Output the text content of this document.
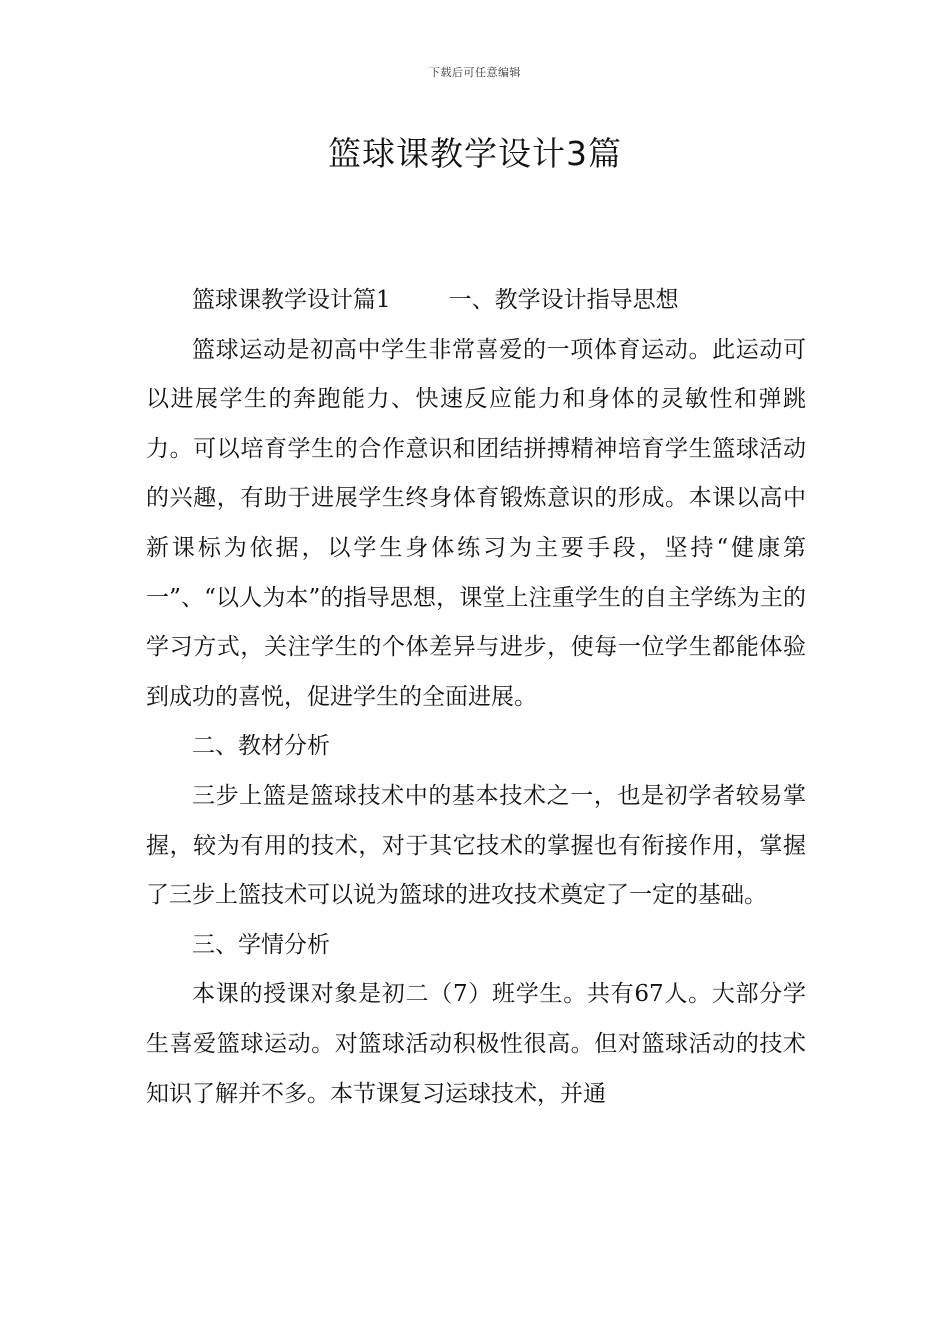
下载后可任意编辑
篮球课教学设计3篇

篮球课教学设计篇1	一、教学设计指导思想

篮球运动是初高中学生非常喜爱的一项体育运动。此运动可以进展学生的奔跑能力、快速反应能力和身体的灵敏性和弹跳力。可以培育学生的合作意识和团结拼搏精神培育学生篮球活动的兴趣，有助于进展学生终身体育锻炼意识的形成。本课以高中新课标为依据，以学生身体练习为主要手段，坚持“健康第一”、“以人为本”的指导思想，课堂上注重学生的自主学练为主的学习方式，关注学生的个体差异与进步，使每一位学生都能体验到成功的喜悦，促进学生的全面进展。

二、教材分析

三步上篮是篮球技术中的基本技术之一，也是初学者较易掌握，较为有用的技术，对于其它技术的掌握也有衔接作用，掌握了三步上篮技术可以说为篮球的进攻技术奠定了一定的基础。

三、学情分析

本课的授课对象是初二（7）班学生。共有67人。大部分学生喜爱篮球运动。对篮球活动积极性很高。但对篮球活动的技术知识了解并不多。本节课复习运球技术，并通
